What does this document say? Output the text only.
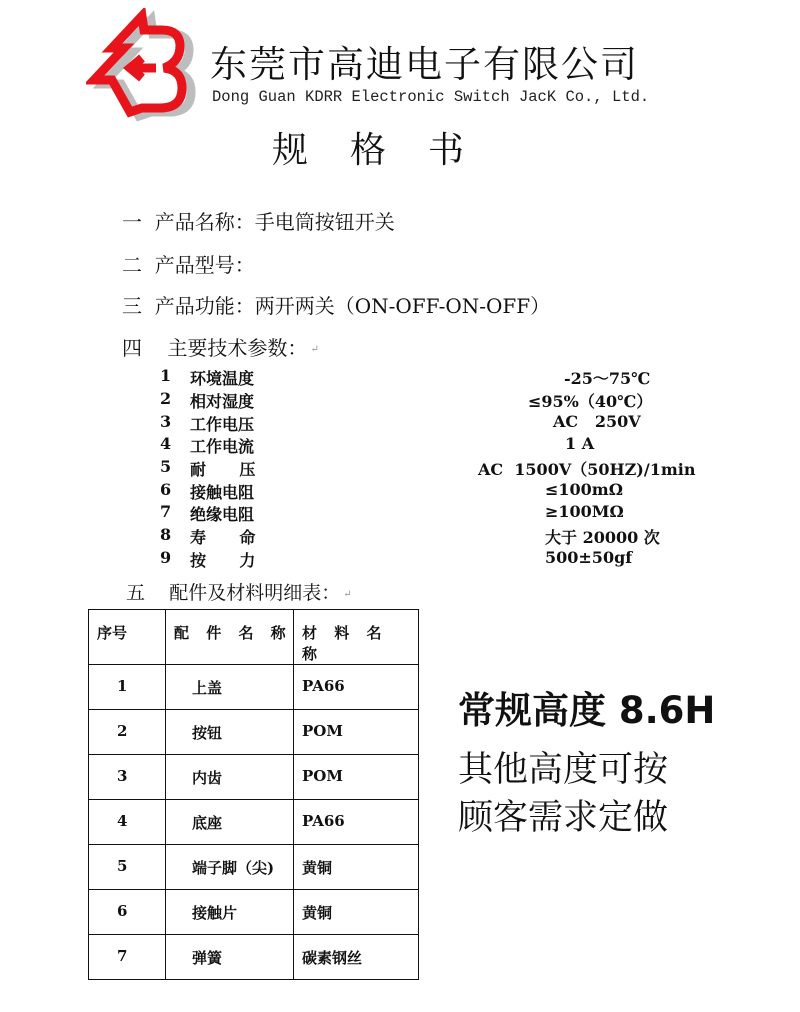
东莞市高迪电子有限公司
Dong Guan KDRR Electronic Switch JacK Co., Ltd.
规格书
一 产品名称：手电筒按钮开关
二 产品型号：
三 产品功能：两开两关（ON-OFF-ON-OFF）
四 主要技术参数： ↵
1 环境温度	-25～75℃
2 相对湿度	≤95%（40℃）
3 工作电压	AC   250V
4 工作电流	1 A
5 耐      压	AC  1500V（50HZ)/1min
6 接触电阻	≤100mΩ
7 绝缘电阻	≥100MΩ
8 寿      命	大于 20000 次
9 按      力	500±50gf
五 配件及材料明细表： ↵
序号	配 件 名 称	材 料 名 称
1	上盖	PA66
2	按钮	POM
3	内齿	POM
4	底座	PA66
5	端子脚（尖)	黄铜
6	接触片	黄铜
7	弹簧	碳素钢丝
常规高度 8.6H
其他高度可按
顾客需求定做
